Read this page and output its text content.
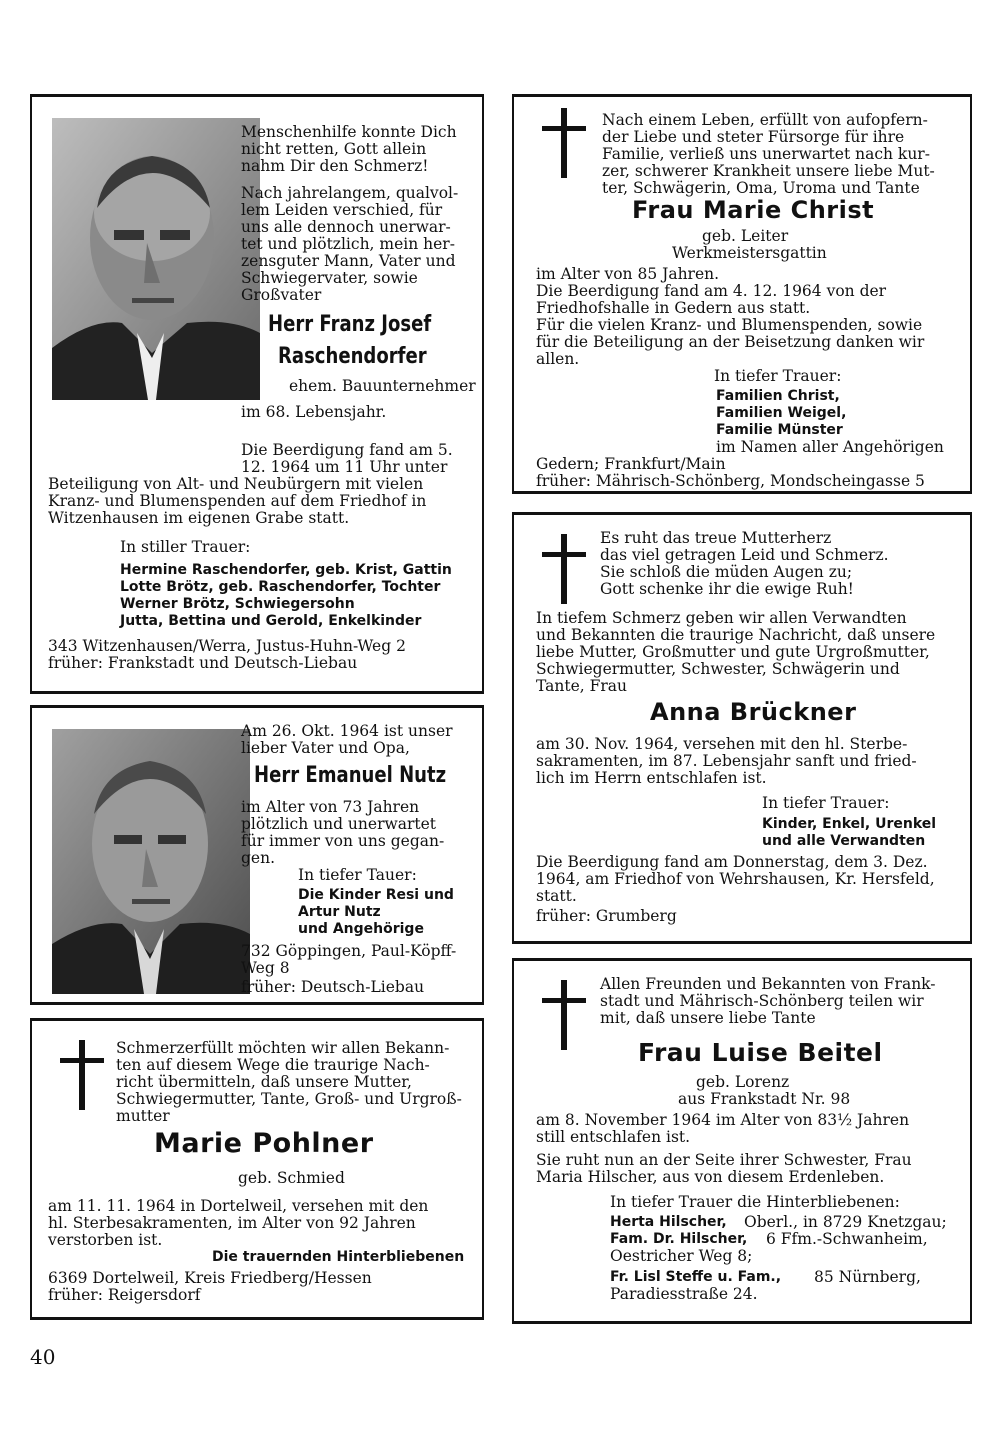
Menschenhilfe konnte Dich
nicht retten, Gott allein
nahm Dir den Schmerz!
Nach jahrelangem, qualvol-
lem Leiden verschied, für
uns alle dennoch unerwar-
tet und plötzlich, mein her-
zensguter Mann, Vater und
Schwiegervater, sowie
Großvater
Herr Franz Josef
Raschendorfer
ehem. Bauunternehmer
im 68. Lebensjahr.
Die Beerdigung fand am 5.
12. 1964 um 11 Uhr unter
Beteiligung von Alt- und Neubürgern mit vielen
Kranz- und Blumenspenden auf dem Friedhof in
Witzenhausen im eigenen Grabe statt.
In stiller Trauer:
Hermine Raschendorfer, geb. Krist, Gattin
Lotte Brötz, geb. Raschendorfer, Tochter
Werner Brötz, Schwiegersohn
Jutta, Bettina und Gerold, Enkelkinder
343 Witzenhausen/Werra, Justus-Huhn-Weg 2
früher: Frankstadt und Deutsch-Liebau
Am 26. Okt. 1964 ist unser
lieber Vater und Opa,
Herr Emanuel Nutz
im Alter von 73 Jahren
plötzlich und unerwartet
für immer von uns gegan-
gen.
In tiefer Tauer:
Die Kinder Resi und
Artur Nutz
und Angehörige
732 Göppingen, Paul-Köpff-
Weg 8
früher: Deutsch-Liebau
Schmerzerfüllt möchten wir allen Bekann-
ten auf diesem Wege die traurige Nach-
richt übermitteln, daß unsere Mutter,
Schwiegermutter, Tante, Groß- und Urgroß-
mutter
Marie Pohlner
geb. Schmied
am 11. 11. 1964 in Dortelweil, versehen mit den
hl. Sterbesakramenten, im Alter von 92 Jahren
verstorben ist.
Die trauernden Hinterbliebenen
6369 Dortelweil, Kreis Friedberg/Hessen
früher: Reigersdorf
Nach einem Leben, erfüllt von aufopfern-
der Liebe und steter Fürsorge für ihre
Familie, verließ uns unerwartet nach kur-
zer, schwerer Krankheit unsere liebe Mut-
ter, Schwägerin, Oma, Uroma und Tante
Frau Marie Christ
geb. Leiter
Werkmeistersgattin
im Alter von 85 Jahren.
Die Beerdigung fand am 4. 12. 1964 von der
Friedhofshalle in Gedern aus statt.
Für die vielen Kranz- und Blumenspenden, sowie
für die Beteiligung an der Beisetzung danken wir
allen.
In tiefer Trauer:
Familien Christ,
Familien Weigel,
Familie Münster
im Namen aller Angehörigen
Gedern; Frankfurt/Main
früher: Mährisch-Schönberg, Mondscheingasse 5
Es ruht das treue Mutterherz
das viel getragen Leid und Schmerz.
Sie schloß die müden Augen zu;
Gott schenke ihr die ewige Ruh!
In tiefem Schmerz geben wir allen Verwandten
und Bekannten die traurige Nachricht, daß unsere
liebe Mutter, Großmutter und gute Urgroßmutter,
Schwiegermutter, Schwester, Schwägerin und
Tante, Frau
Anna Brückner
am 30. Nov. 1964, versehen mit den hl. Sterbe-
sakramenten, im 87. Lebensjahr sanft und fried-
lich im Herrn entschlafen ist.
In tiefer Trauer:
Kinder, Enkel, Urenkel
und alle Verwandten
Die Beerdigung fand am Donnerstag, dem 3. Dez.
1964, am Friedhof von Wehrshausen, Kr. Hersfeld,
statt.
früher: Grumberg
Allen Freunden und Bekannten von Frank-
stadt und Mährisch-Schönberg teilen wir
mit, daß unsere liebe Tante
Frau Luise Beitel
geb. Lorenz
aus Frankstadt Nr. 98
am 8. November 1964 im Alter von 83½ Jahren
still entschlafen ist.
Sie ruht nun an der Seite ihrer Schwester, Frau
Maria Hilscher, aus von diesem Erdenleben.
In tiefer Trauer die Hinterbliebenen:
Herta Hilscher, Oberl., in 8729 Knetzgau;
Fam. Dr. Hilscher, 6 Ffm.-Schwanheim,
Oestricher Weg 8;
Fr. Lisl Steffe u. Fam., 85 Nürnberg,
Paradiesstraße 24.
40
